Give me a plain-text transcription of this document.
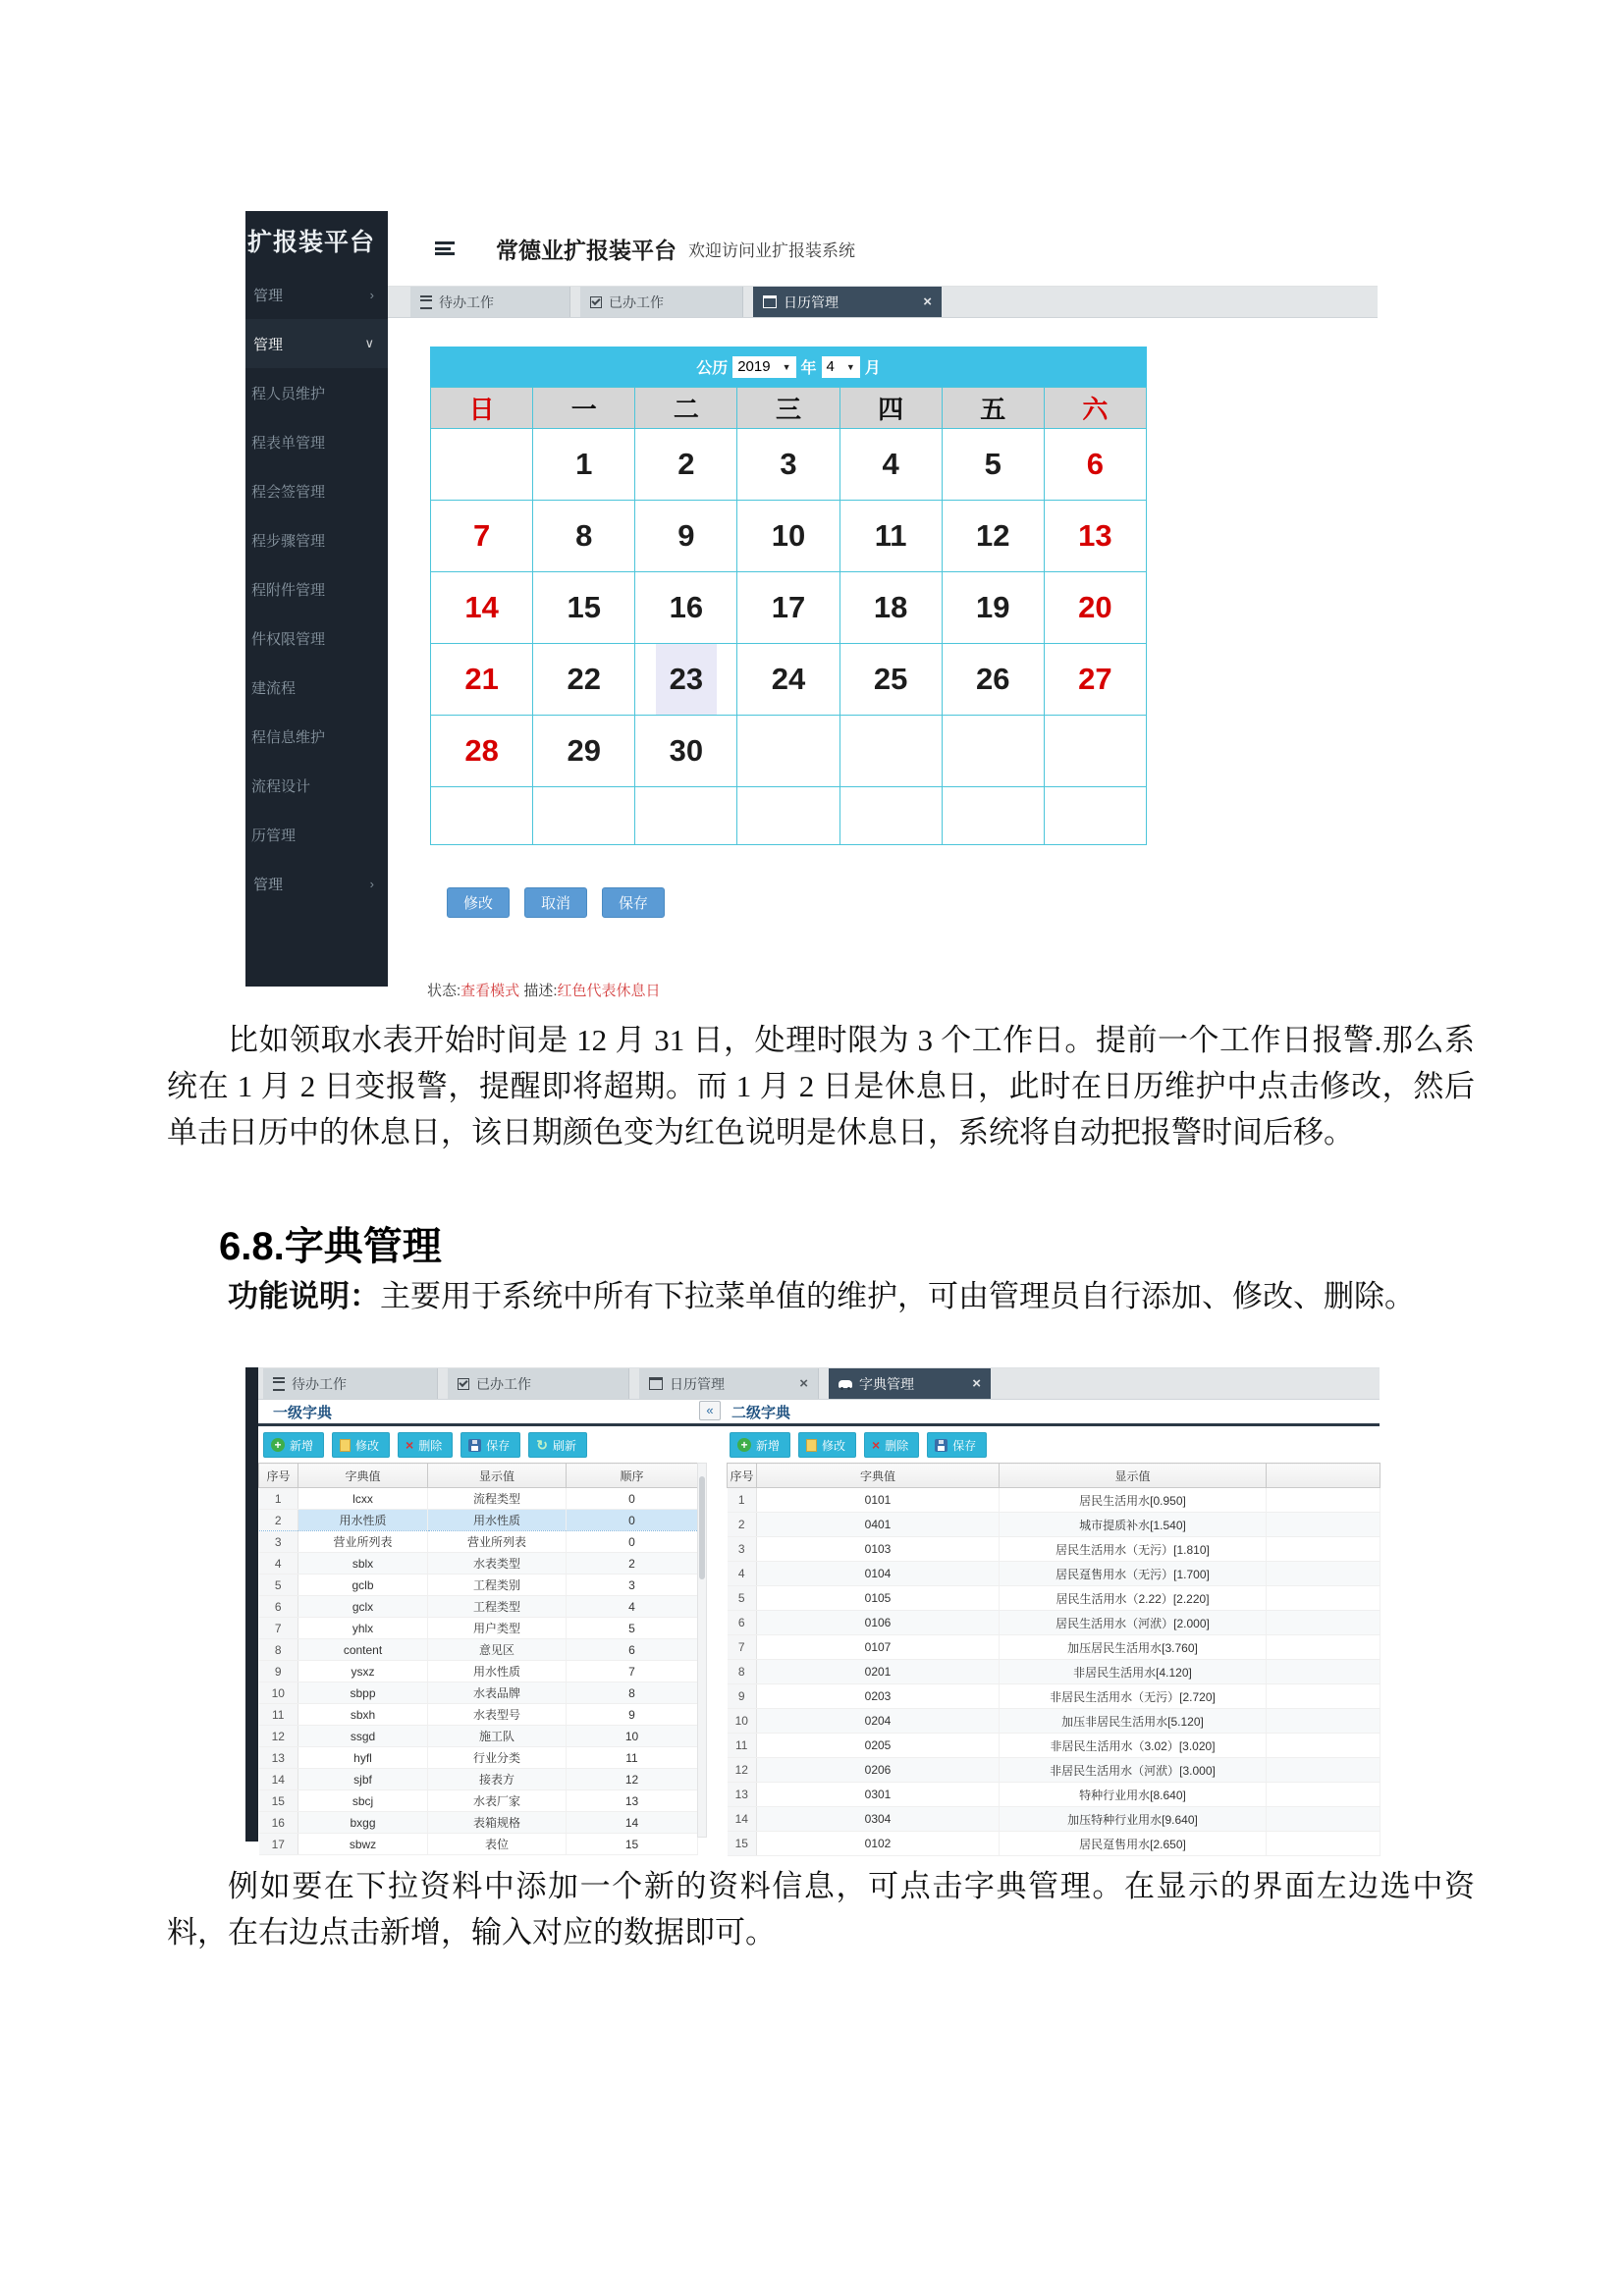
扩报装平台
管理	›
管理	∨
程人员维护
程表单管理
程会签管理
程步骤管理
程附件管理
件权限管理
建流程
程信息维护
流程设计
历管理
管理	›
常德业扩报装平台 欢迎访问业扩报装系统
待办工作	已办工作	日历管理	×
公历 2019 ▼ 年 4 ▼ 月
日	一	二	三	四	五	六
	1	2	3	4	5	6
7	8	9	10	11	12	13
14	15	16	17	18	19	20
21	22	23	24	25	26	27
28	29	30				

修改	取消	保存
状态:查看模式 描述:红色代表休息日

比如领取水表开始时间是 12 月 31 日，处理时限为 3 个工作日。提前一个工作日报警.那么系统在 1 月 2 日变报警，提醒即将超期。而 1 月 2 日是休息日，此时在日历维护中点击修改，然后单击日历中的休息日，该日期颜色变为红色说明是休息日，系统将自动把报警时间后移。

6.8.字典管理

功能说明：主要用于系统中所有下拉菜单值的维护，可由管理员自行添加、修改、删除。

待办工作	已办工作	日历管理	×	字典管理	×
一级字典	«	二级字典
+ 新增	修改 × 删除	保存 ↻ 刷新	+ 新增	修改 × 删除	保存
序号	字典值	显示值	顺序
1	lcxx	流程类型	0
2	用水性质	用水性质	0
3	营业所列表	营业所列表	0
4	sblx	水表类型	2
5	gclb	工程类别	3
6	gclx	工程类型	4
7	yhlx	用户类型	5
8	content	意见区	6
9	ysxz	用水性质	7
10	sbpp	水表品牌	8
11	sbxh	水表型号	9
12	ssgd	施工队	10
13	hyfl	行业分类	11
14	sjbf	接表方	12
15	sbcj	水表厂家	13
16	bxgg	表箱规格	14
17	sbwz	表位	15
序号	字典值	显示值	
1	0101	居民生活用水[0.950]	
2	0401	城市提质补水[1.540]	
3	0103	居民生活用水（无污）[1.810]	
4	0104	居民趸售用水（无污）[1.700]	
5	0105	居民生活用水（2.22）[2.220]	
6	0106	居民生活用水（河洑）[2.000]	
7	0107	加压居民生活用水[3.760]	
8	0201	非居民生活用水[4.120]	
9	0203	非居民生活用水（无污）[2.720]	
10	0204	加压非居民生活用水[5.120]	
11	0205	非居民生活用水（3.02）[3.020]	
12	0206	非居民生活用水（河洑）[3.000]	
13	0301	特种行业用水[8.640]	
14	0304	加压特种行业用水[9.640]	
15	0102	居民趸售用水[2.650]	

例如要在下拉资料中添加一个新的资料信息，可点击字典管理。在显示的界面左边选中资料，在右边点击新增，输入对应的数据即可。
